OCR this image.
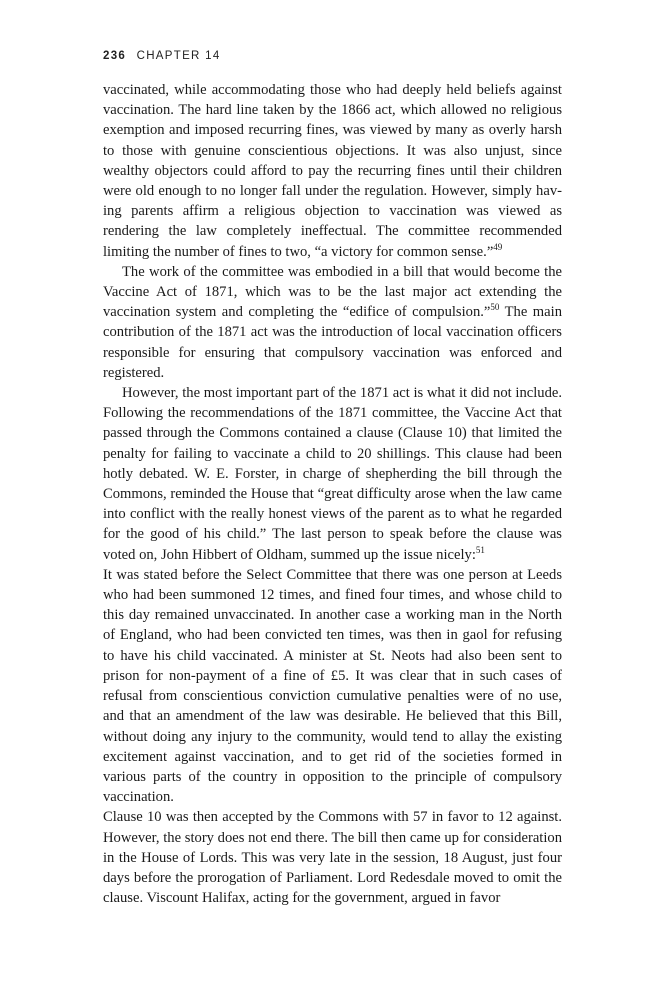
236 CHAPTER 14

vaccinated, while accommodating those who had deeply held beliefs against vaccination. The hard line taken by the 1866 act, which allowed no religious exemption and imposed recurring fines, was viewed by many as overly harsh to those with genuine conscientious objections. It was also unjust, since wealthy objectors could afford to pay the recurring fines until their children were old enough to no longer fall under the regulation. However, simply having parents affirm a religious objection to vaccination was viewed as rendering the law completely ineffectual. The committee recommended limiting the number of fines to two, “a victory for common sense.”$^{49}$

The work of the committee was embodied in a bill that would become the Vaccine Act of 1871, which was to be the last major act extending the vaccination system and completing the “edifice of compulsion.”$^{50}$ The main contribution of the 1871 act was the introduction of local vaccination officers responsible for ensuring that compulsory vaccination was enforced and registered.

However, the most important part of the 1871 act is what it did not include. Following the recommendations of the 1871 committee, the Vaccine Act that passed through the Commons contained a clause (Clause 10) that limited the penalty for failing to vaccinate a child to 20 shillings. This clause had been hotly debated. W. E. Forster, in charge of shepherding the bill through the Commons, reminded the House that “great difficulty arose when the law came into conflict with the really honest views of the parent as to what he regarded for the good of his child.” The last person to speak before the clause was voted on, John Hibbert of Oldham, summed up the issue nicely:$^{51}$

It was stated before the Select Committee that there was one person at Leeds who had been summoned 12 times, and fined four times, and whose child to this day remained unvaccinated. In another case a working man in the North of England, who had been convicted ten times, was then in gaol for refusing to have his child vaccinated. A minister at St. Neots had also been sent to prison for non-payment of a fine of £5. It was clear that in such cases of refusal from conscientious conviction cumulative penalties were of no use, and that an amendment of the law was desirable. He believed that this Bill, without doing any injury to the community, would tend to allay the existing excitement against vaccination, and to get rid of the societies formed in various parts of the country in opposition to the principle of compulsory vaccination.

Clause 10 was then accepted by the Commons with 57 in favor to 12 against. However, the story does not end there. The bill then came up for consideration in the House of Lords. This was very late in the session, 18 August, just four days before the prorogation of Parliament. Lord Redesdale moved to omit the clause. Viscount Halifax, acting for the government, argued in favor
